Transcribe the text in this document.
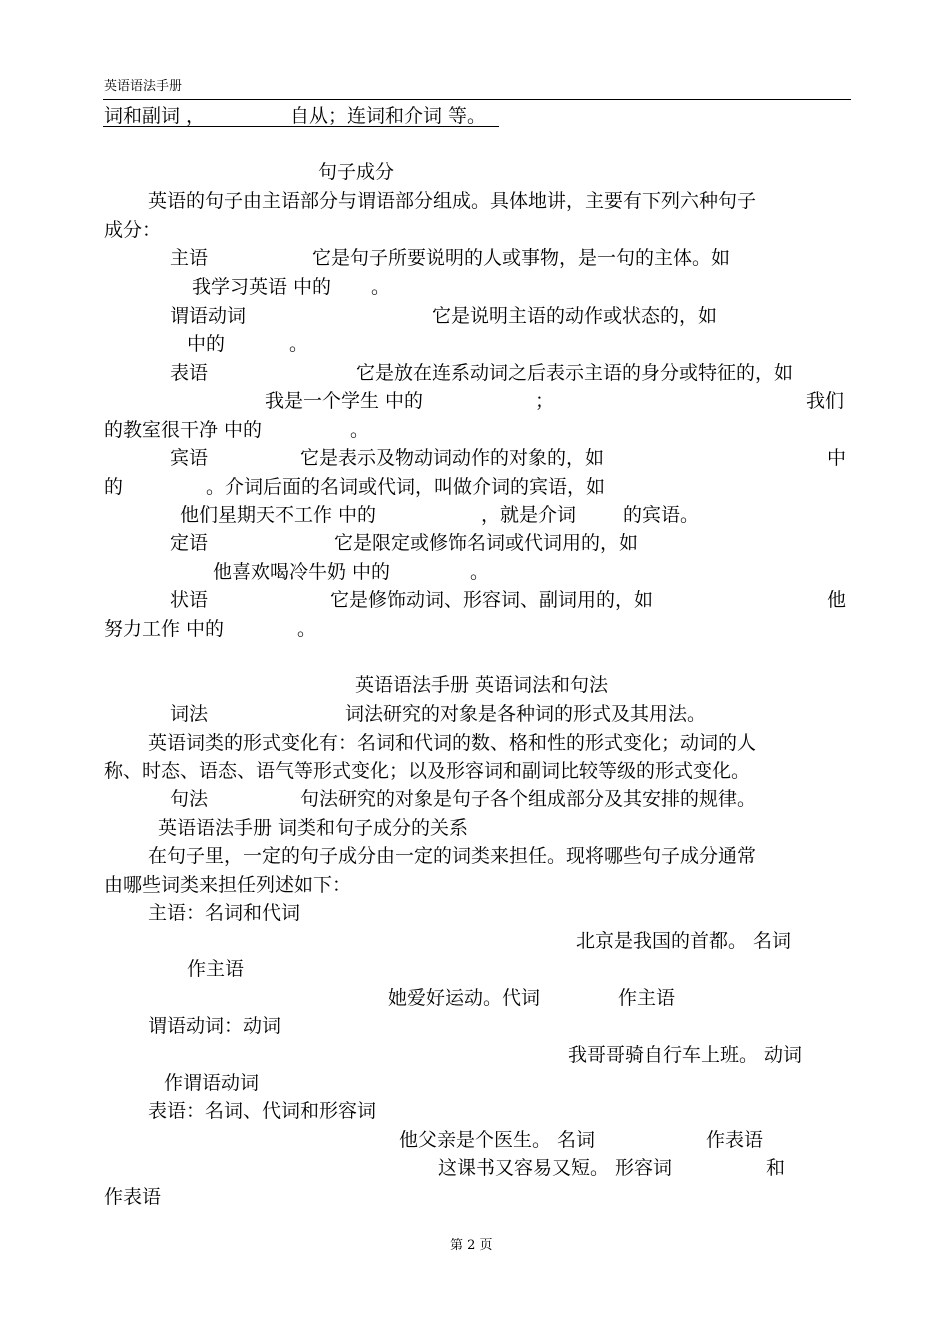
英语语法手册
词和副词 ，	自从；连词和介词 等。
句子成分
英语的句子由主语部分与谓语部分组成。具体地讲，主要有下列六种句子
成分：
主语	它是句子所要说明的人或事物，是一句的主体。如
我学习英语 中的 。
谓语动词	它是说明主语的动作或状态的，如
中的	。
表语	它是放在连系动词之后表示主语的身分或特征的，如
我是一个学生 中的	；	我们
的教室很干净 中的	。
宾语	它是表示及物动词动作的对象的，如	中
的	。介词后面的名词或代词，叫做介词的宾语，如
他们星期天不工作 中的	，就是介词 的宾语。
定语	它是限定或修饰名词或代词用的，如
他喜欢喝冷牛奶 中的	。
状语	它是修饰动词、形容词、副词用的，如	他
努力工作 中的	。
英语语法手册 英语词法和句法
词法	词法研究的对象是各种词的形式及其用法。
英语词类的形式变化有：名词和代词的数、格和性的形式变化；动词的人
称、时态、语态、语气等形式变化；以及形容词和副词比较等级的形式变化。
句法	句法研究的对象是句子各个组成部分及其安排的规律。
英语语法手册 词类和句子成分的关系
在句子里，一定的句子成分由一定的词类来担任。现将哪些句子成分通常
由哪些词类来担任列述如下：
主语：名词和代词
北京是我国的首都。 名词
作主语
她爱好运动。代词	作主语
谓语动词：动词
我哥哥骑自行车上班。 动词
作谓语动词
表语：名词、代词和形容词
他父亲是个医生。 名词	作表语
这课书又容易又短。 形容词	和
作表语
第 2 页
